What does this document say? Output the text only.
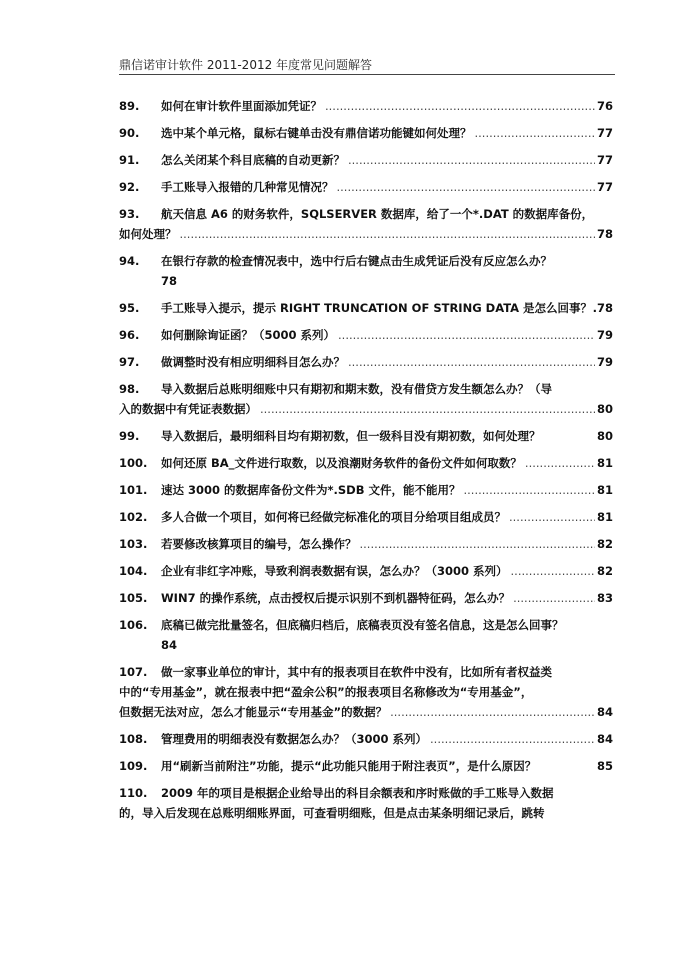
鼎信诺审计软件 2011-2012 年度常见问题解答
89.	如何在审计软件里面添加凭证？ .....	76
90.	选中某个单元格，鼠标右键单击没有鼎信诺功能键如何处理？ .....	77
91.	怎么关闭某个科目底稿的自动更新？ .....	77
92.	手工账导入报错的几种常见情况？ .....	77
93. 航天信息 A6 的财务软件，SQLSERVER 数据库，给了一个*.DAT 的数据库备份，
如何处理？ .....	78
94. 在银行存款的检查情况表中，选中行后右键点击生成凭证后没有反应怎么办？
78
95.	手工账导入提示，提示 RIGHT TRUNCATION OF STRING DATA 是怎么回事？ ..... .78
96.	如何删除询证函？（5000 系列） .....	79
97.	做调整时没有相应明细科目怎么办？ .....	79
98. 导入数据后总账明细账中只有期初和期末数，没有借贷方发生额怎么办？（导
入的数据中有凭证表数据） .....	80
99.	导入数据后，最明细科目均有期初数，但一级科目没有期初数，如何处理？	80
100.	如何还原 BA_文件进行取数，以及浪潮财务软件的备份文件如何取数？ .....	81
101.	速达 3000 的数据库备份文件为*.SDB 文件，能不能用？ .....	81
102.	多人合做一个项目，如何将已经做完标准化的项目分给项目组成员？ .....	81
103.	若要修改核算项目的编号，怎么操作？ .....	82
104.	企业有非红字冲账，导致利润表数据有误，怎么办？（3000 系列） .....	82
105.	WIN7 的操作系统，点击授权后提示识别不到机器特征码，怎么办？ .....	83
106. 底稿已做完批量签名，但底稿归档后，底稿表页没有签名信息，这是怎么回事？
84
107. 做一家事业单位的审计，其中有的报表项目在软件中没有，比如所有者权益类
中的“专用基金”，就在报表中把“盈余公积”的报表项目名称修改为“专用基金”，
但数据无法对应，怎么才能显示“专用基金”的数据？ .....	84
108.	管理费用的明细表没有数据怎么办？（3000 系列） .....	84
109.	用“刷新当前附注”功能，提示“此功能只能用于附注表页”，是什么原因？	85
110. 2009 年的项目是根据企业给导出的科目余额表和序时账做的手工账导入数据
的，导入后发现在总账明细账界面，可查看明细账，但是点击某条明细记录后，跳转
